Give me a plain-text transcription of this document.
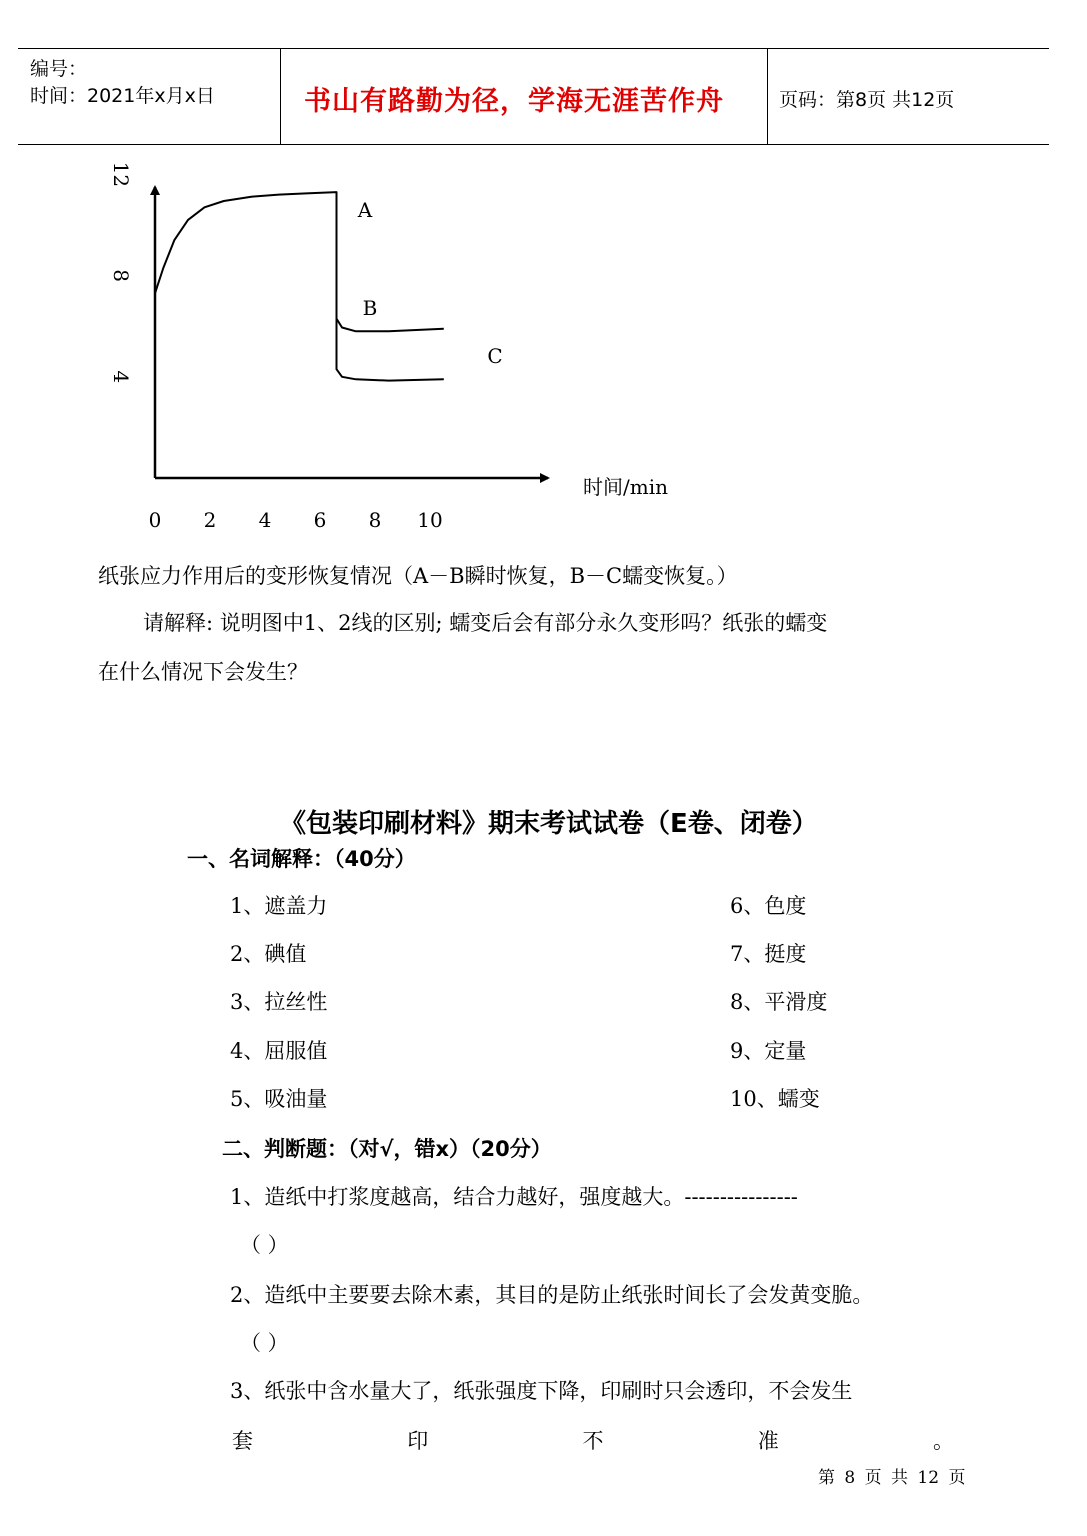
编号：
时间：2021年x月x日	书山有路勤为径，学海无涯苦作舟	页码：第8页 共12页
0 2 4 6 8 10
4
8
12
A
B
C
时间/min
纸张应力作用后的变形恢复情况（A－B瞬时恢复，B－C蠕变恢复。）
请解释: 说明图中1、2线的区别; 蠕变后会有部分永久变形吗？纸张的蠕变
在什么情况下会发生？
《包装印刷材料》期末考试试卷（E卷、闭卷）
一、名词解释：（40分）
1、遮盖力
2、碘值
3、拉丝性
4、屈服值
5、吸油量
6、色度
7、挺度
8、平滑度
9、定量
10、蠕变
二、判断题：（对√，错x）（20分）
1、造纸中打浆度越高，结合力越好，强度越大。----------------
（ ）
2、造纸中主要要去除木素，其目的是防止纸张时间长了会发黄变脆。
（ ）
3、纸张中含水量大了，纸张强度下降，印刷时只会透印，不会发生
套	印	不	准	。
第 8 页 共 12 页
